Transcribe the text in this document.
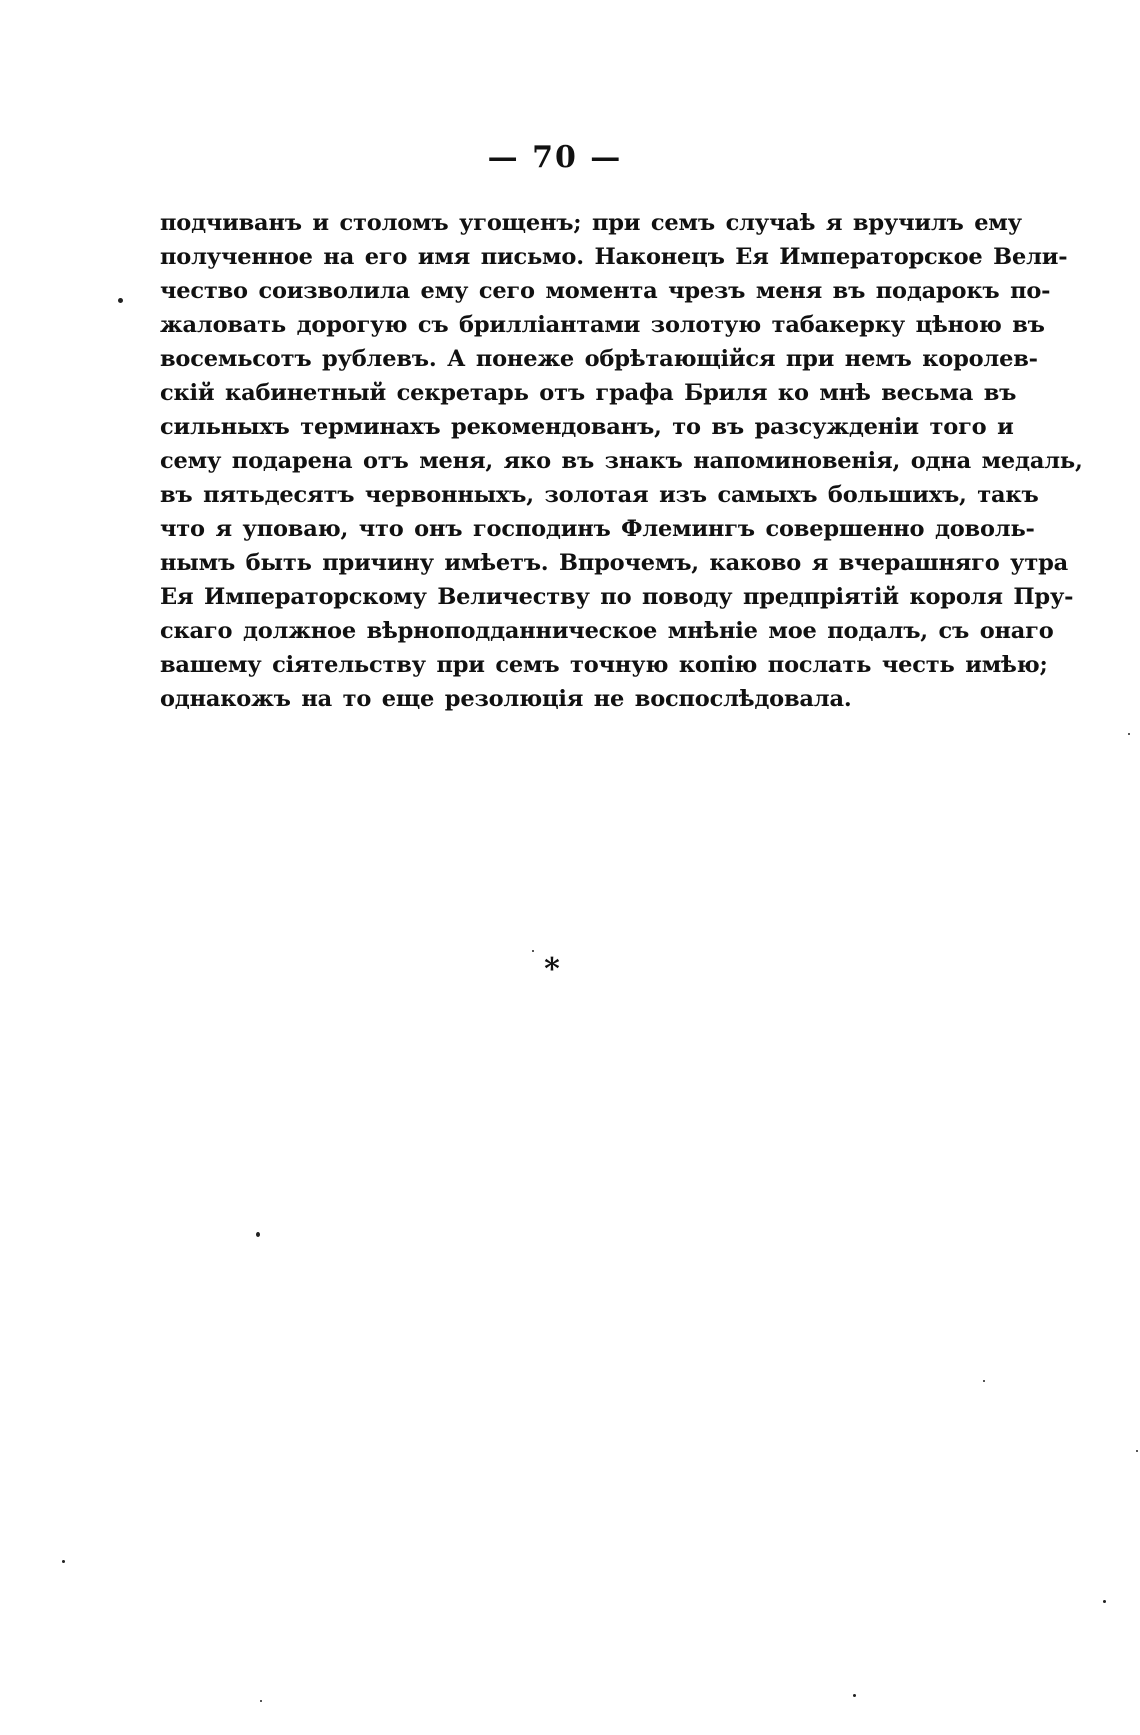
— 70 —
подчиванъ и столомъ угощенъ; при семъ случаѣ я вручилъ ему
полученное на его имя письмо. Наконецъ Ея Императорское Вели-
чество соизволила ему сего момента чрезъ меня въ подарокъ по-
жаловать дорогую съ бриллiантами золотую табакерку цѣною въ
восемьсотъ рублевъ. А понеже обрѣтающiйся при немъ королев-
скiй кабинетный секретарь отъ графа Бриля ко мнѣ весьма въ
сильныхъ терминахъ рекомендованъ, то въ разсужденiи того и
сему подарена отъ меня, яко въ знакъ напоминовенiя, одна медаль,
въ пятьдесятъ червонныхъ, золотая изъ самыхъ большихъ, такъ
что я уповаю, что онъ господинъ Флемингъ совершенно доволь-
нымъ быть причину имѣетъ. Впрочемъ, каково я вчерашняго утра
Ея Императорскому Величеству по поводу предпрiятiй короля Пру-
скаго должное вѣрноподданническое мнѣнiе мое подалъ, съ онаго
вашему сiятельству при семъ точную копiю послать честь имѣю;
однакожъ на то еще резолюцiя не воспослѣдовала.
*
